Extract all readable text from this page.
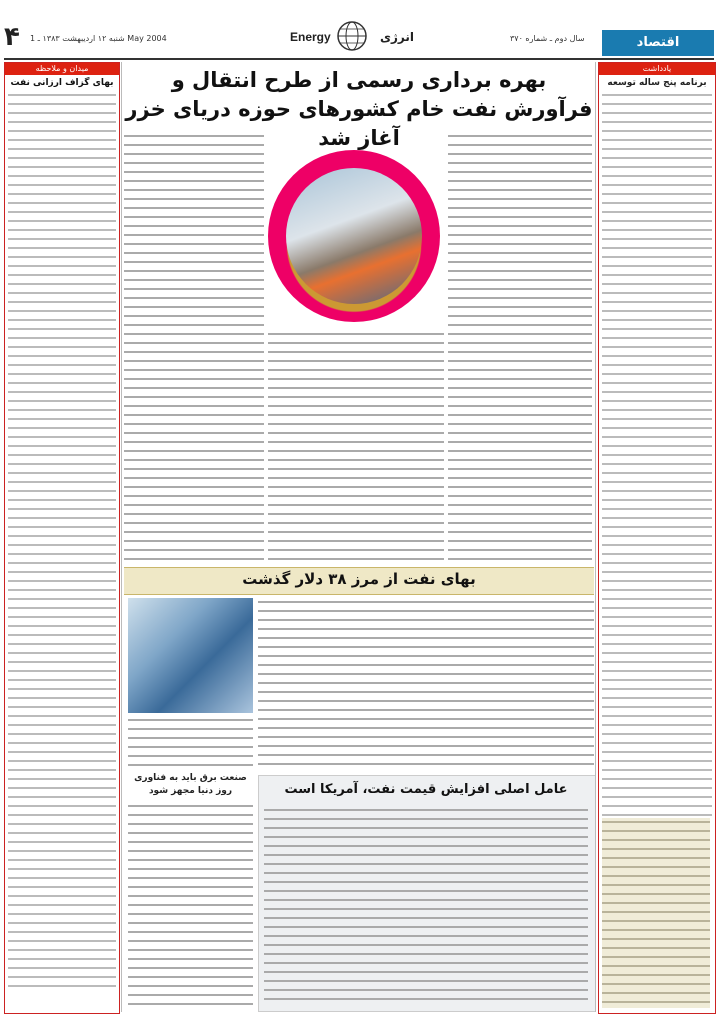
۴ شنبه ۱۲ اردیبهشت ۱۳۸۳ ـ 1 May 2004	Energy	انرژی	سال دوم ـ شماره ۳۷۰	اقتصاد
میدان و ملاحظه
بهای گزاف ارزانی نفت
یادداشت
برنامه پنج ساله توسعه
بهره برداری رسمی از طرح انتقال و فرآورش نفت خام کشورهای حوزه دریای خزر آغاز شد
بهای نفت از مرز ۳۸ دلار گذشت
صنعت برق باید به فناوری روز دنیا مجهز شود	عامل اصلی افزایش قیمت نفت، آمریکا است
